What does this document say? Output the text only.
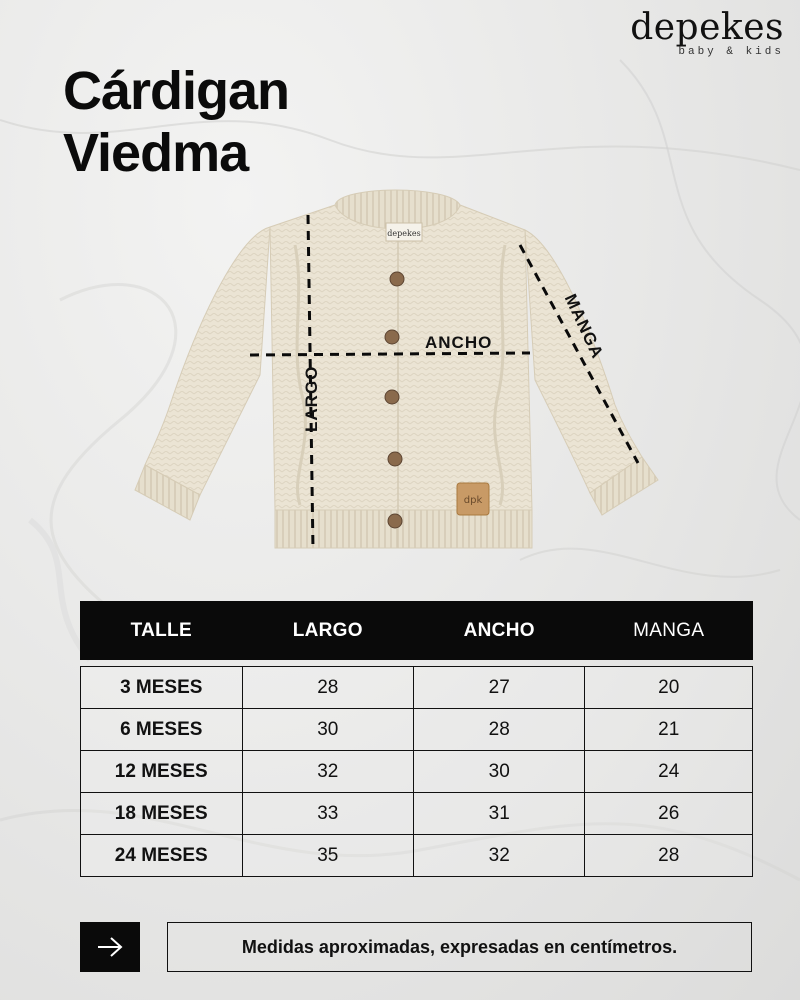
depekes
baby & kids
Cárdigan
Viedma
depekes
dpk
ANCHO
LARGO
MANGA
TALLE	LARGO	ANCHO	MANGA

3 MESES	28	27	20
6 MESES	30	28	21
12 MESES	32	30	24
18 MESES	33	31	26
24 MESES	35	32	28
Medidas aproximadas, expresadas en centímetros.
